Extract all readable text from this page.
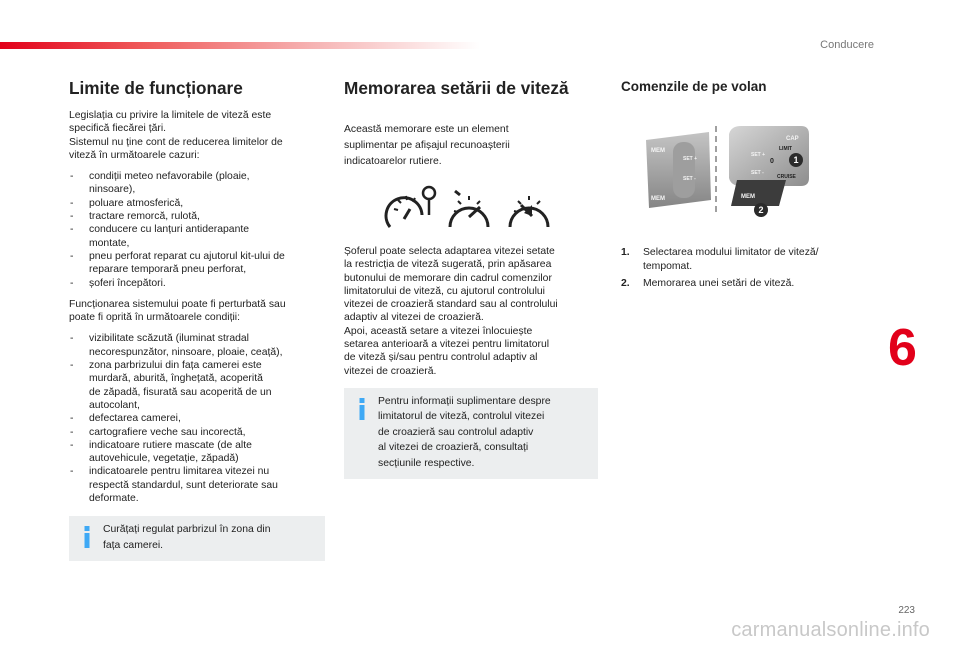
Conducere
Limite de funcționare

Legislația cu privire la limitele de viteză este
specifică fiecărei țări.
Sistemul nu ține cont de reducerea limitelor de
viteză în următoarele cazuri:

- condiții meteo nefavorabile (ploaie,
ninsoare),
- poluare atmosferică,
- tractare remorcă, rulotă,
- conducere cu lanțuri antiderapante
montate,
- pneu perforat reparat cu ajutorul kit-ului de
reparare temporară pneu perforat,
- șoferi începători.

Funcționarea sistemului poate fi perturbată sau
poate fi oprită în următoarele condiții:

- vizibilitate scăzută (iluminat stradal
necorespunzător, ninsoare, ploaie, ceață),
- zona parbrizului din fața camerei este
murdară, aburită, înghețată, acoperită
de zăpadă, fisurată sau acoperită de un
autocolant,
- defectarea camerei,
- cartografiere veche sau incorectă,
- indicatoare rutiere mascate (de alte
autovehicule, vegetație, zăpadă)
- indicatoarele pentru limitarea vitezei nu
respectă standardul, sunt deteriorate sau
deformate.
Curățați regulat parbrizul în zona din
fața camerei.
Memorarea setării de viteză

Această memorare este un element
suplimentar pe afișajul recunoașterii
indicatoarelor rutiere.

Șoferul poate selecta adaptarea vitezei setate
la restricția de viteză sugerată, prin apăsarea
butonului de memorare din cadrul comenzilor
limitatorului de viteză, cu ajutorul controlului
vitezei de croazieră standard sau al controlului
adaptiv al vitezei de croazieră.
Apoi, această setare a vitezei înlocuiește
setarea anterioară a vitezei pentru limitatorul
de viteză și/sau pentru controlul adaptiv al
vitezei de croazieră.

Pentru informații suplimentare despre
limitatorul de viteză, controlul vitezei
de croazieră sau controlul adaptiv
al vitezei de croazieră, consultați
secțiunile respective.
Comenzile de pe volan
MEM
SET +
SET -
MEM
CAP
LIMIT
SET +
0
SET -
CRUISE
MEM
1
2
1. Selectarea modului limitator de viteză/
tempomat.
2. Memorarea unei setări de viteză.
6
223
carmanualsonline.info
